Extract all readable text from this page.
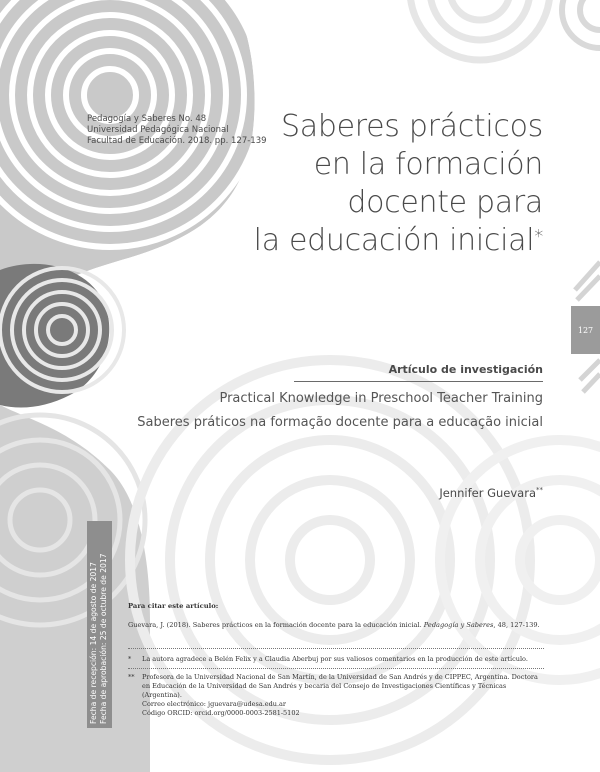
Pedagogía y Saberes No. 48
Universidad Pedagógica Nacional
Facultad de Educación. 2018. pp. 127-139 Saberes prácticos
en la formación
docente para
la educación inicial*
127
Artículo de investigación
Practical Knowledge in Preschool Teacher Training
Saberes práticos na formação docente para a educação inicial
Jennifer Guevara**
Fecha de recepción: 14 de agosto de 2017 Fecha de aprobación: 25 de octubre de 2017	Para citar este artículo:
Guevara, J. (2018). Saberes prácticos en la formación docente para la educación inicial. Pedagogía y Saberes, 48, 127-139.
*	La autora agradece a Belén Felix y a Claudia Aberbuj por sus valiosos comentarios en la producción de este artículo.
**	Profesora de la Universidad Nacional de San Martín, de la Universidad de San Andrés y de CIPPEC, Argentina. Doctora en Educación de la Universidad de San Andrés y becaria del Consejo de Investigaciones Científicas y Técnicas (Argentina).
Correo electrónico: jguevara@udesa.edu.ar
Código ORCID: orcid.org/0000-0003-2581-5102
